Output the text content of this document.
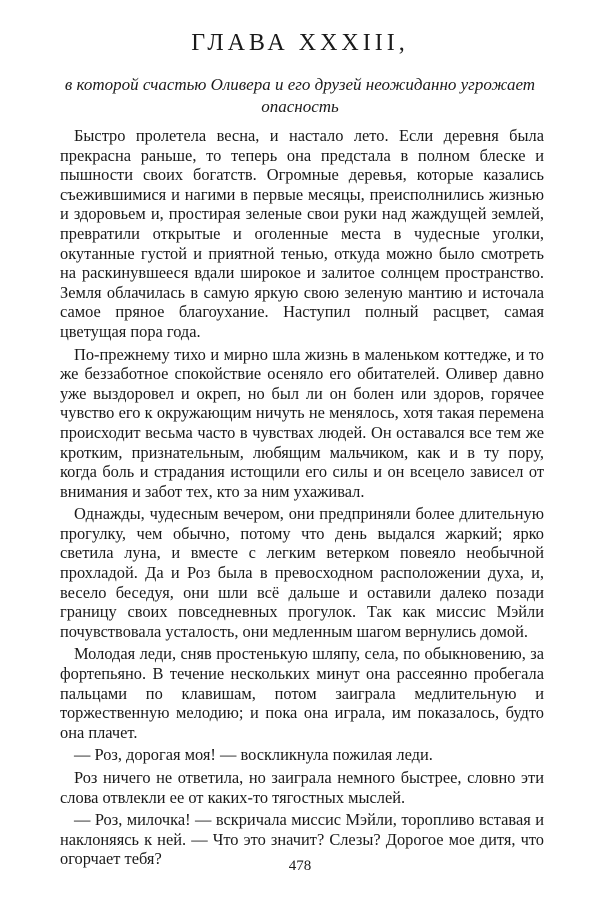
ГЛАВА XXXIII,

в которой счастью Оливера и его друзей неожиданно угрожает опасность

Быстро пролетела весна, и настало лето. Если деревня была прекрасна раньше, то теперь она предстала в полном блеске и пышности своих богатств. Огромные деревья, которые казались съежившимися и нагими в первые месяцы, преисполнились жизнью и здоровьем и, простирая зеленые свои руки над жаждущей землей, превратили открытые и оголенные места в чудесные уголки, окутанные густой и приятной тенью, откуда можно было смотреть на раскинувшееся вдали широкое и залитое солнцем пространство. Земля облачилась в самую яркую свою зеленую мантию и источала самое пряное благоухание. Наступил полный расцвет, самая цветущая пора года.

По-прежнему тихо и мирно шла жизнь в маленьком коттедже, и то же беззаботное спокойствие осеняло его обитателей. Оливер давно уже выздоровел и окреп, но был ли он болен или здоров, горячее чувство его к окружающим ничуть не менялось, хотя такая перемена происходит весьма часто в чувствах людей. Он оставался все тем же кротким, признательным, любящим мальчиком, как и в ту пору, когда боль и страдания истощили его силы и он всецело зависел от внимания и забот тех, кто за ним ухаживал.

Однажды, чудесным вечером, они предприняли более длительную прогулку, чем обычно, потому что день выдался жаркий; ярко светила луна, и вместе с легким ветерком повеяло необычной прохладой. Да и Роз была в превосходном расположении духа, и, весело беседуя, они шли всё дальше и оставили далеко позади границу своих повседневных прогулок. Так как миссис Мэйли почувствовала усталость, они медленным шагом вернулись домой.

Молодая леди, сняв простенькую шляпу, села, по обыкновению, за фортепьяно. В течение нескольких минут она рассеянно пробегала пальцами по клавишам, потом заиграла медлительную и торжественную мелодию; и пока она играла, им показалось, будто она плачет.

— Роз, дорогая моя! — воскликнула пожилая леди.

Роз ничего не ответила, но заиграла немного быстрее, словно эти слова отвлекли ее от каких-то тягостных мыслей.

— Роз, милочка! — вскричала миссис Мэйли, торопливо вставая и наклоняясь к ней. — Что это значит? Слезы? Дорогое мое дитя, что огорчает тебя?	478
